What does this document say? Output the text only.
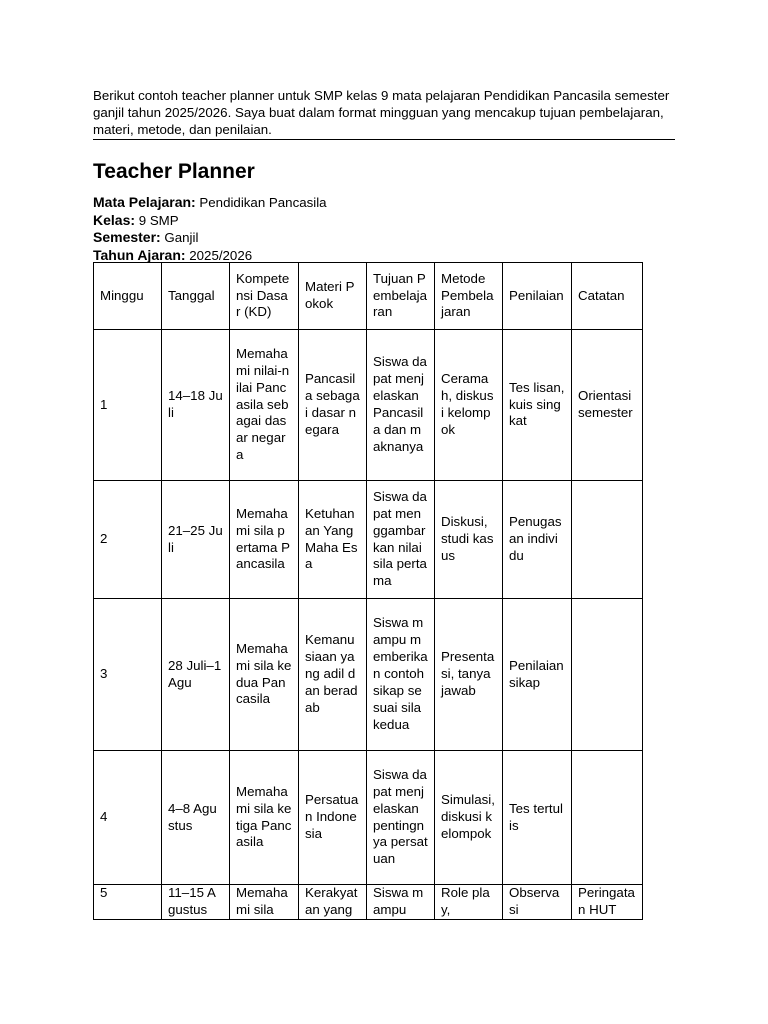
Berikut contoh teacher planner untuk SMP kelas 9 mata pelajaran Pendidikan Pancasila semester ganjil tahun 2025/2026. Saya buat dalam format mingguan yang mencakup tujuan pembelajaran, materi, metode, dan penilaian.
Teacher Planner
Mata Pelajaran: Pendidikan Pancasila
Kelas: 9 SMP
Semester: Ganjil
Tahun Ajaran: 2025/2026
Minggu	Tanggal	Kompetensi Dasar (KD)	Materi Pokok	Tujuan Pembelajaran	Metode Pembelajaran	Penilaian	Catatan
1	14–18 Juli	Memahami nilai-nilai Pancasila sebagai dasar negara	Pancasila sebagai dasar negara	Siswa dapat menjelaskan Pancasila dan maknanya	Ceramah, diskusi kelompok	Tes lisan, kuis singkat	Orientasi semester
2	21–25 Juli	Memahami sila pertama Pancasila	Ketuhanan Yang Maha Esa	Siswa dapat menggambarkan nilai sila pertama	Diskusi, studi kasus	Penugasan individu	
3	28 Juli–1 Agu	Memahami sila kedua Pancasila	Kemanusiaan yang adil dan beradab	Siswa mampu memberikan contoh sikap sesuai sila kedua	Presentasi, tanya jawab	Penilaian sikap	
4	4–8 Agustus	Memahami sila ketiga Pancasila	Persatuan Indonesia	Siswa dapat menjelaskan pentingnya persatuan	Simulasi, diskusi kelompok	Tes tertulis	

5	11–15 Agustus	Memahami sila	Kerakyatan yang	Siswa mampu	Role play,	Observasi	Peringatan HUT
